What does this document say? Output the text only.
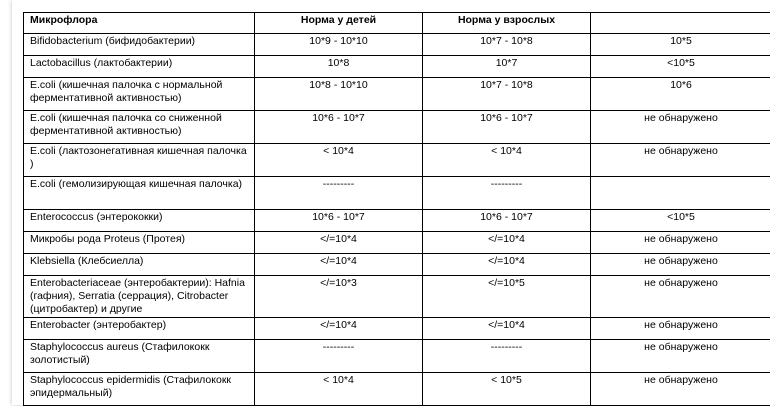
Микрофлора	Норма у детей	Норма у взрослых	
Bifidobacterium (бифидобактерии)	10*9 - 10*10	10*7 - 10*8	10*5
Lactobacillus (лактобактерии)	10*8	10*7	<10*5
E.coli (кишечная палочка с нормальной ферментативной активностью)	10*8 - 10*10	10*7 - 10*8	10*6
E.coli (кишечная палочка со сниженной ферментативной активностью)	10*6 - 10*7	10*6 - 10*7	не обнаружено
E.coli (лактозонегативная кишечная палочка )	< 10*4	< 10*4	не обнаружено
E.coli (гемолизирующая кишечная палочка)	---------	---------	
Enterococcus (энтерококки)	10*6 - 10*7	10*6 - 10*7	<10*5
Микробы рода Proteus (Протея)	</=10*4	</=10*4	не обнаружено
Klebsiella (Клебсиелла)	</=10*4	</=10*4	не обнаружено
Enterobacteriaceae (энтеробактерии): Hafnia (гафния), Serratia (серрация), Citrobacter (цитробактер) и другие	</=10*3	</=10*5	не обнаружено
Enterobacter (энтеробактер)	</=10*4	</=10*4	не обнаружено
Staphylococcus aureus (Стафилококк золотистый)	---------	---------	не обнаружено
Staphylococcus epidermidis (Стафилококк эпидермальный)	< 10*4	< 10*5	не обнаружено
